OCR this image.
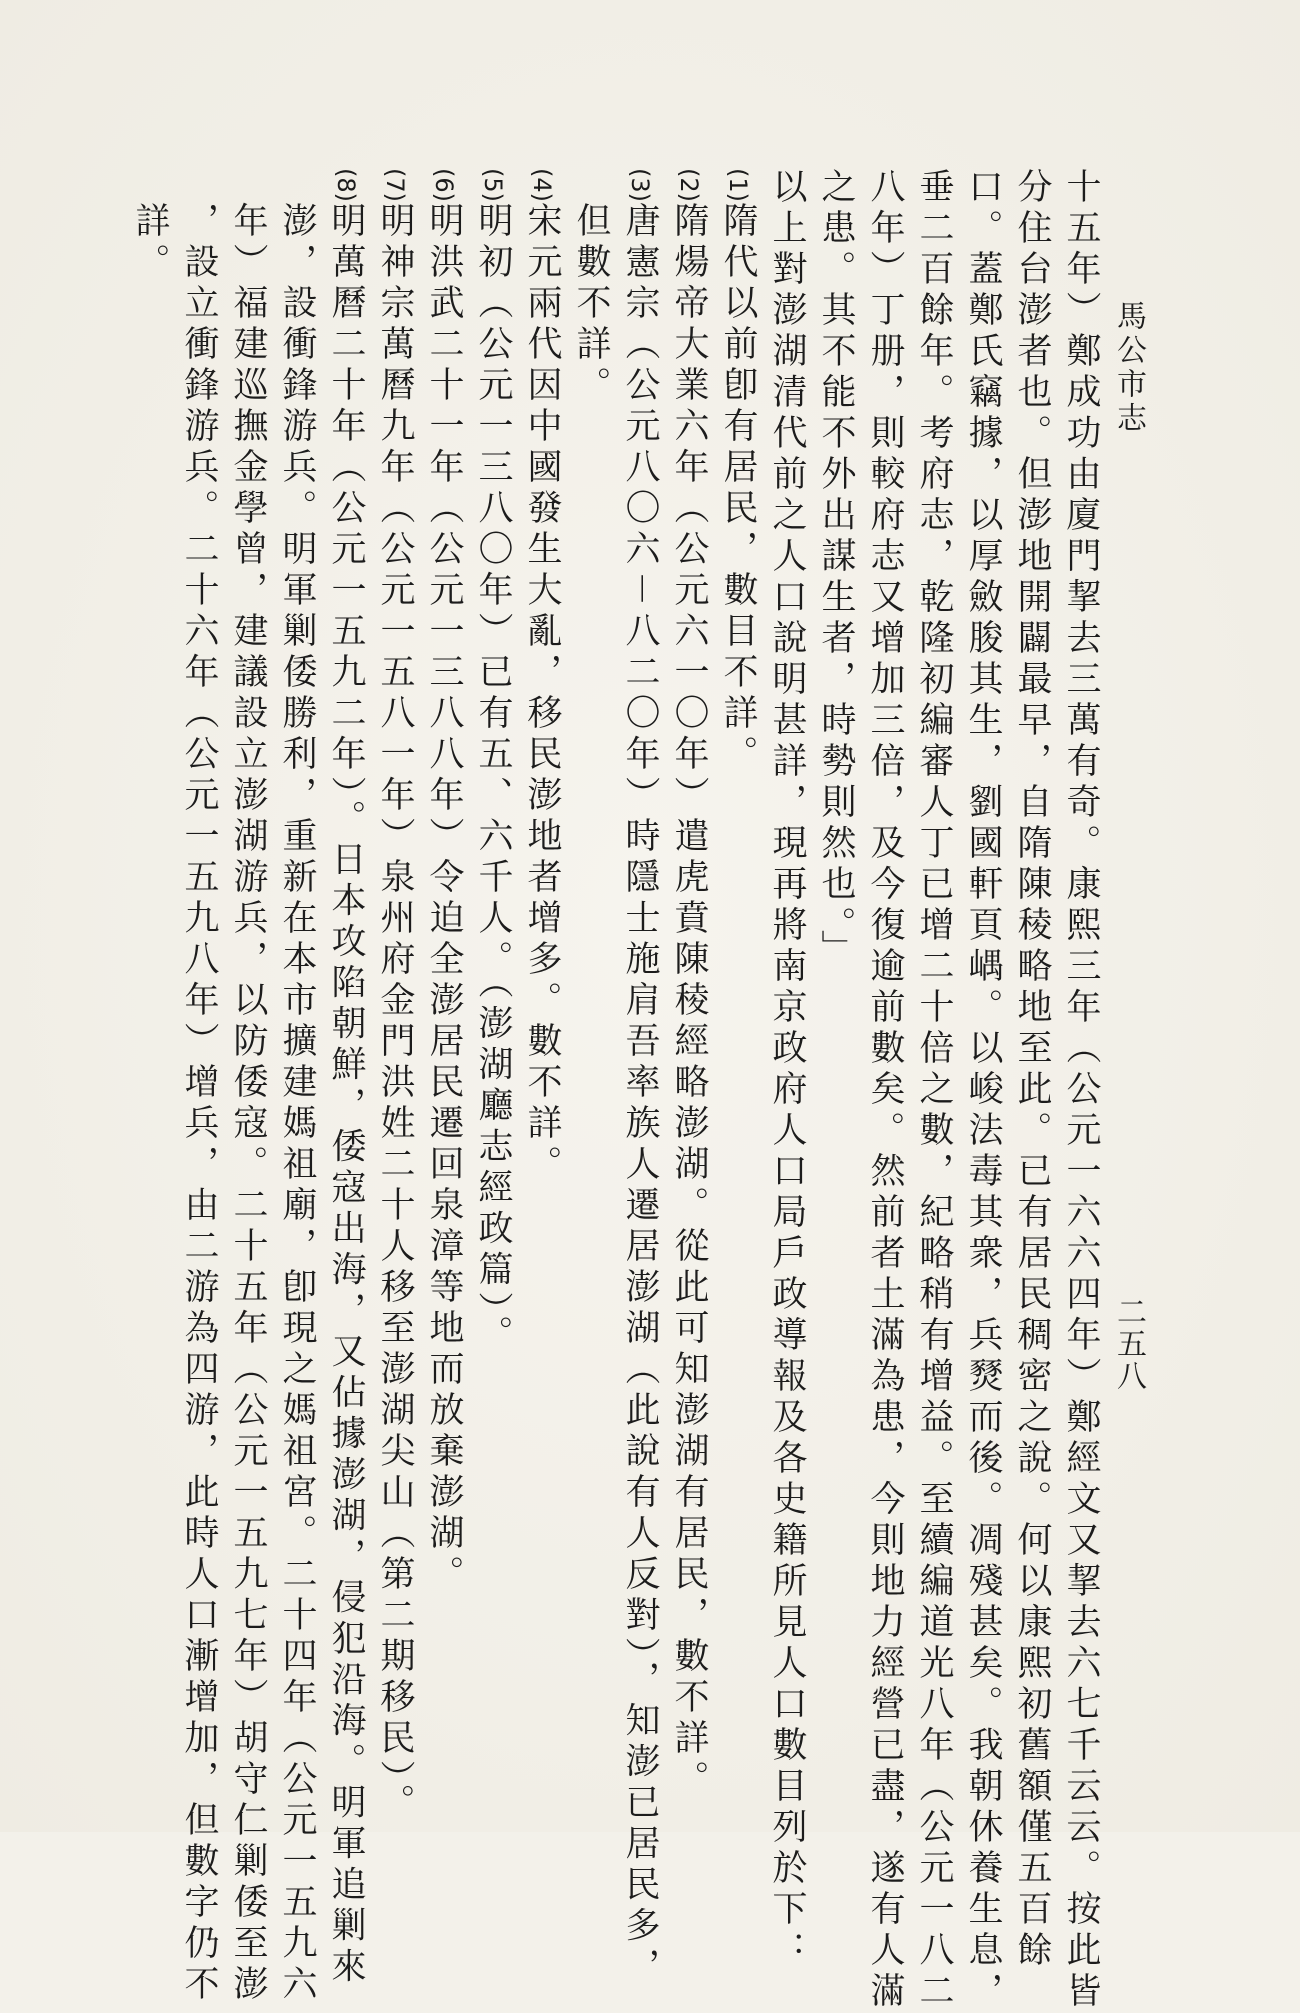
馬公市志
二五八
十五年）鄭成功由廈門挈去三萬有奇。康熙三年（公元一六六四年）鄭經文又挈去六七千云云。按此皆
分住台澎者也。但澎地開闢最早，自隋陳稜略地至此。已有居民稠密之說。何以康熙初舊額僅五百餘
口。蓋鄭氏竊據，以厚斂朘其生，劉國軒頁嵎。以峻法毒其衆，兵燹而後。凋殘甚矣。我朝休養生息，
垂二百餘年。考府志，乾隆初編審人丁已增二十倍之數，紀略稍有增益。至續編道光八年（公元一八二
八年）丁册，則較府志又增加三倍，及今復逾前數矣。然前者土滿為患，今則地力經營已盡，遂有人滿
之患。其不能不外出謀生者，時勢則然也。」
以上對澎湖清代前之人口說明甚詳，現再將南京政府人口局戶政導報及各史籍所見人口數目列於下：
(1)隋代以前卽有居民，數目不詳。
(2)隋煬帝大業六年（公元六一〇年）遣虎賁陳稜經略澎湖。從此可知澎湖有居民，數不詳。
(3)唐憲宗（公元八〇六－八二〇年）時隱士施肩吾率族人遷居澎湖（此說有人反對），知澎已居民多，
但數不詳。
(4)宋元兩代因中國發生大亂，移民澎地者增多。數不詳。
(5)明初（公元一三八〇年）已有五、六千人。（澎湖廳志經政篇）。
(6)明洪武二十一年（公元一三八八年）令迫全澎居民遷回泉漳等地而放棄澎湖。
(7)明神宗萬曆九年（公元一五八一年）泉州府金門洪姓二十人移至澎湖尖山（第二期移民）。
(8)明萬曆二十年（公元一五九二年）。日本攻陷朝鮮，倭寇出海，又佔據澎湖，侵犯沿海。明軍追剿來
澎，設衝鋒游兵。明軍剿倭勝利，重新在本市擴建媽祖廟，卽現之媽祖宮。二十四年（公元一五九六
年）福建巡撫金學曾，建議設立澎湖游兵，以防倭寇。二十五年（公元一五九七年）胡守仁剿倭至澎
，設立衝鋒游兵。二十六年（公元一五九八年）增兵，由二游為四游，此時人口漸增加，但數字仍不
詳。
